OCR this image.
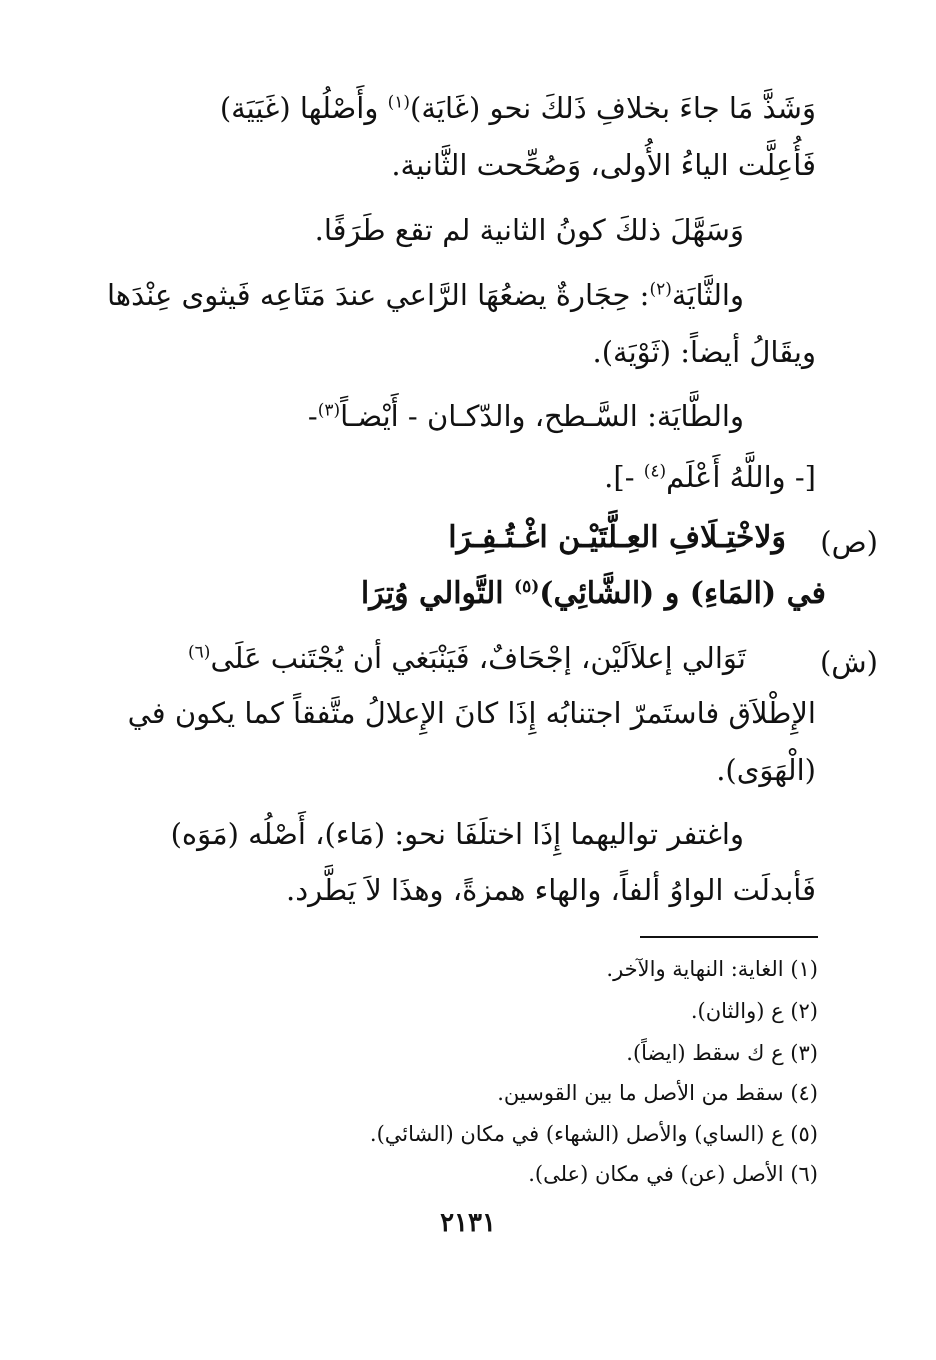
وَشَذَّ مَا جاءَ بخلافِ ذَلكَ نحو (غَايَة)$^{(١)}$ وأَصْلُها (غَيَيَة)
فَأُعِلَّت الياءُ الأُولى، وَصُحِّحت الثَّانية.
وَسَهَّلَ ذلكَ كونُ الثانية لم تقع طَرَفًا.
والثَّايَة$^{(٢)}$: حِجَارةٌ يضعُهَا الرَّاعي عندَ مَتَاعِه فَيثوى عِنْدَها
ويقَالُ أيضاً: (ثَوْيَة).
والطَّايَة: السَّـطح، والدّكـان - أَيْضـاً$^{(٣)}$-
[- واللَّهُ أَعْلَم$^{(٤)}$ -].
(ص)
وَلاخْتِـلَافِ العِـلَّتَيْـن اغْـتُـفِـرَا
في (المَاءِ) و (الشَّائِي)$^{(٥)}$ التَّوالي وُتِرَا
(ش)
تَوَالي إعلاَلَيْن، إجْحَافٌ، فَيَنْبَغي أن يُجْتَنب عَلَى$^{(٦)}$
الإِطْلاَق فاستَمرّ اجتنابُه إِذَا كانَ الإِعلالُ متَّفقاً كما يكون في
(الْهَوَى).
واغتفر تواليهما إِذَا اختلَفَا نحو: (مَاء)، أَصْلُه (مَوَه)
فَأبدلَت الواوُ ألفاً، والهاء همزةً، وهذَا لاَ يَطَّرد.
(١) الغاية: النهاية والآخر.
(٢) ع (والثان).
(٣) ع ك سقط (ايضاً).
(٤) سقط من الأصل ما بين القوسين.
(٥) ع (الساي) والأصل (الشهاء) في مكان (الشائي).
(٦) الأصل (عن) في مكان (على).
٢١٣١
